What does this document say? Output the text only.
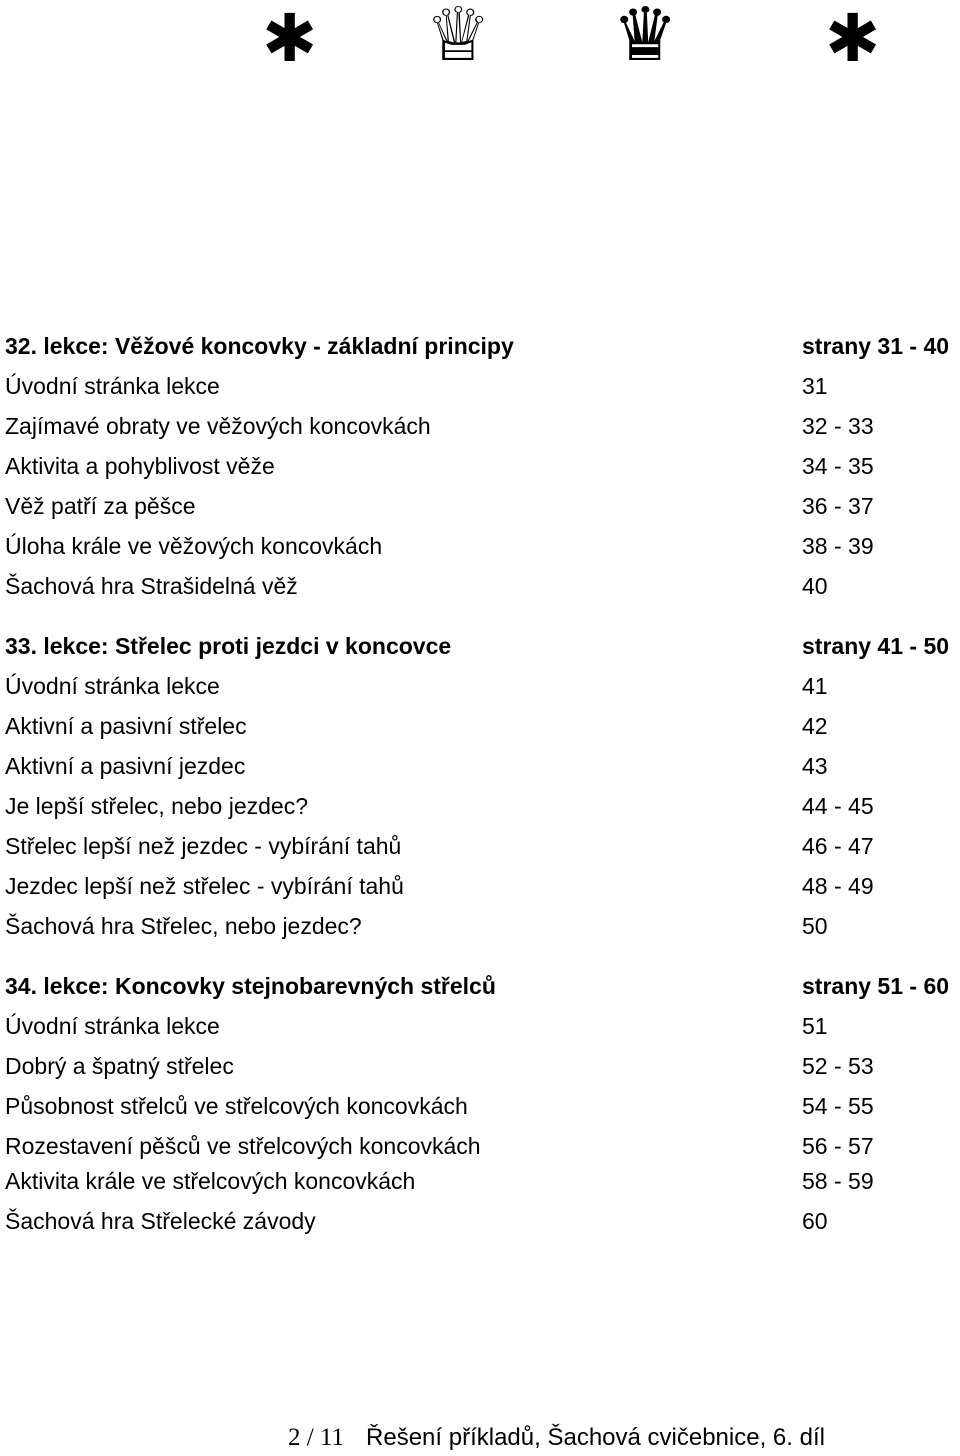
✱ ♕ ♛ ✱
32. lekce: Věžové koncovky - základní principy	strany 31 - 40
Úvodní stránka lekce	31
Zajímavé obraty ve věžových koncovkách	32 - 33
Aktivita a pohyblivost věže	34 - 35
Věž patří za pěšce	36 - 37
Úloha krále ve věžových koncovkách	38 - 39
Šachová hra Strašidelná věž	40
33. lekce: Střelec proti jezdci v koncovce	strany 41 - 50
Úvodní stránka lekce	41
Aktivní a pasivní střelec	42
Aktivní a pasivní jezdec	43
Je lepší střelec, nebo jezdec?	44 - 45
Střelec lepší než jezdec - vybírání tahů	46 - 47
Jezdec lepší než střelec - vybírání tahů	48 - 49
Šachová hra Střelec, nebo jezdec?	50
34. lekce: Koncovky stejnobarevných střelců	strany 51 - 60
Úvodní stránka lekce	51
Dobrý a špatný střelec	52 - 53
Působnost střelců ve střelcových koncovkách	54 - 55
Rozestavení pěšců ve střelcových koncovkách	56 - 57
Aktivita krále ve střelcových koncovkách	58 - 59
Šachová hra Střelecké závody	60
2 / 11 Řešení příkladů, Šachová cvičebnice, 6. díl
